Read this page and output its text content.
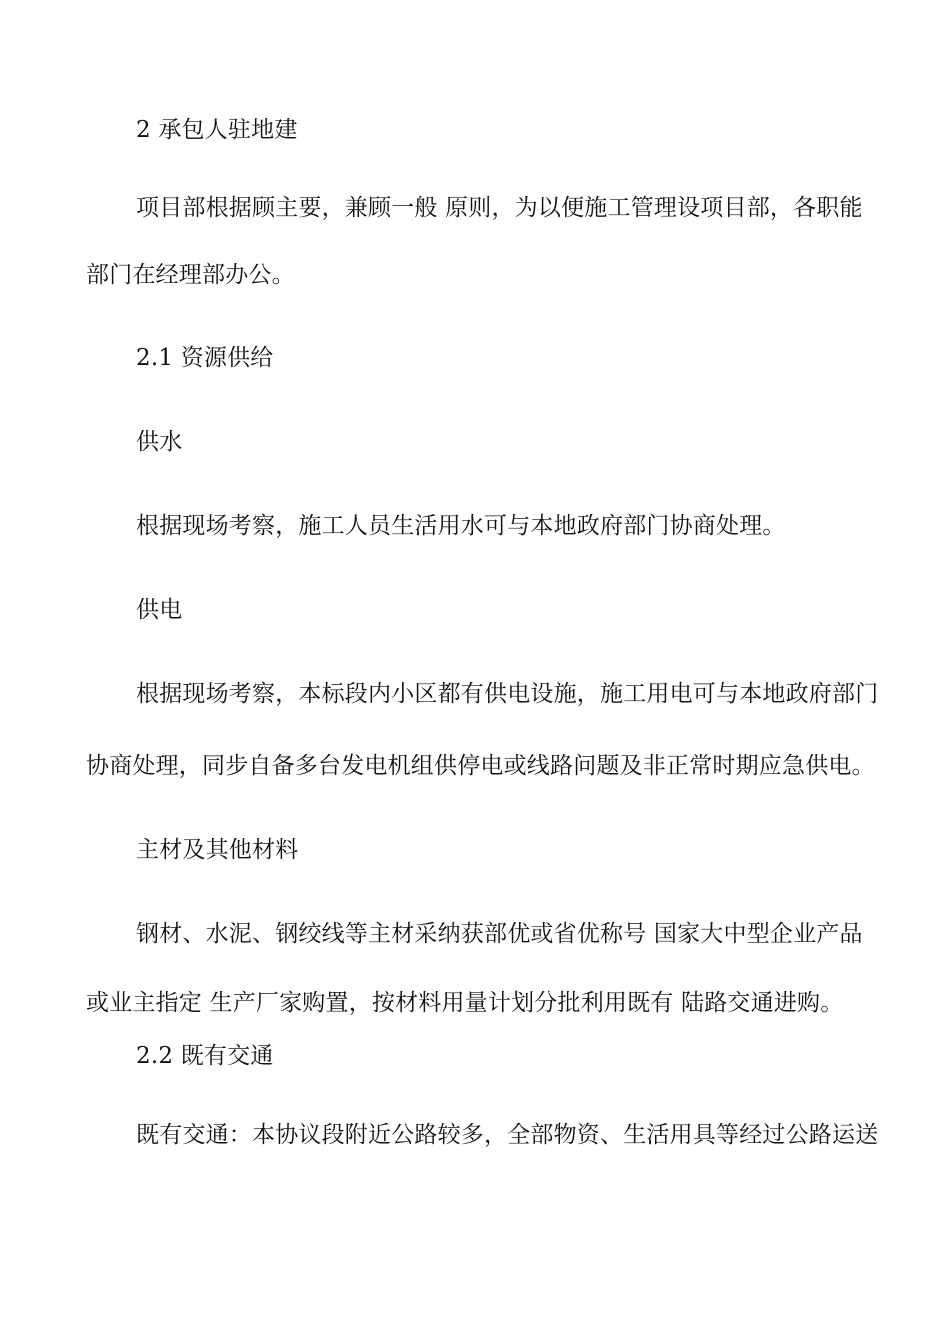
2 承包人驻地建

项目部根据顾主要，兼顾一般 原则，为以便施工管理设项目部，各职能

部门在经理部办公。

2.1 资源供给

供水

根据现场考察，施工人员生活用水可与本地政府部门协商处理。

供电

根据现场考察，本标段内小区都有供电设施，施工用电可与本地政府部门

协商处理，同步自备多台发电机组供停电或线路问题及非正常时期应急供电。

主材及其他材料

钢材、水泥、钢绞线等主材采纳获部优或省优称号 国家大中型企业产品

或业主指定 生产厂家购置，按材料用量计划分批利用既有 陆路交通进购。

2.2 既有交通

既有交通：本协议段附近公路较多，全部物资、生活用具等经过公路运送
